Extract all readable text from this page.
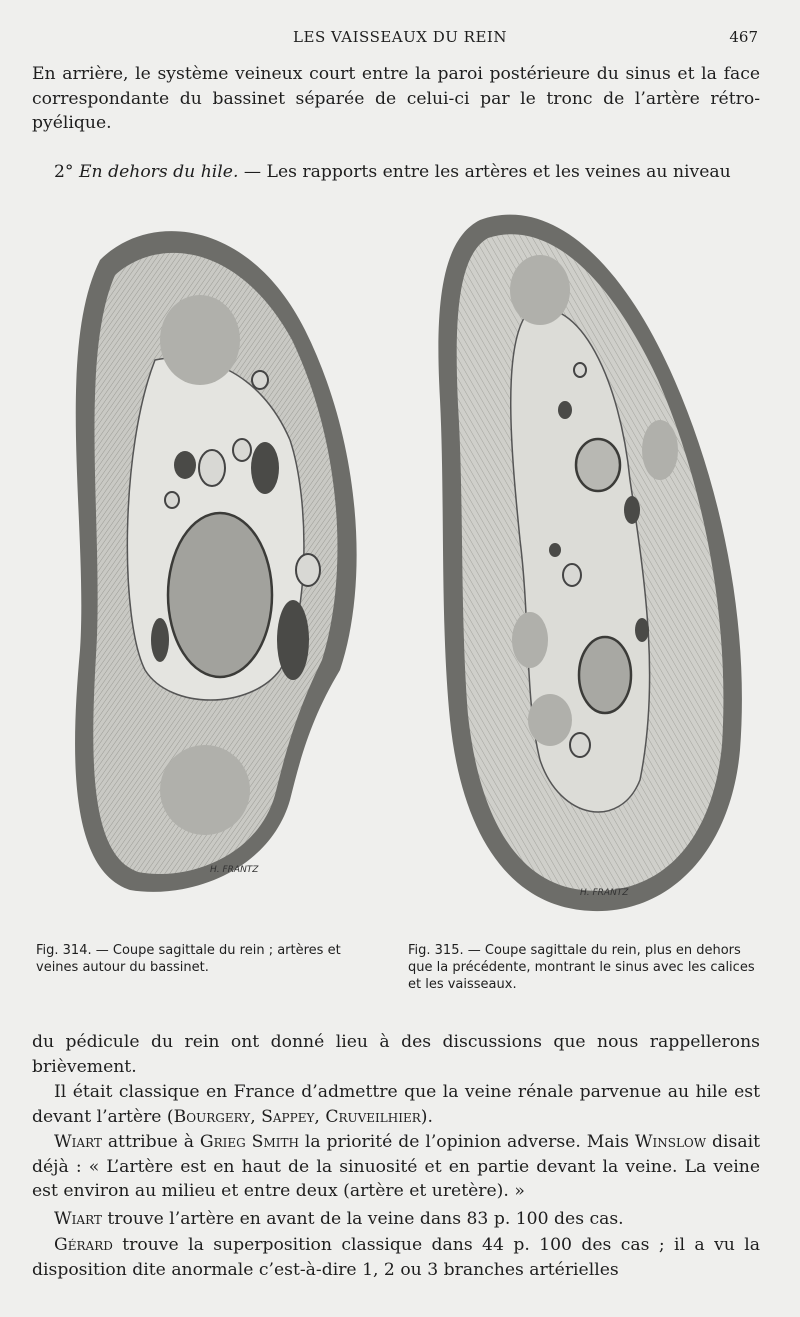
LES VAISSEAUX DU REIN	467

En arrière, le système veineux court entre la paroi postérieure du sinus et la face correspondante du bassinet séparée de celui-ci par le tronc de l’artère rétro-pyélique.

2° En dehors du hile. — Les rapports entre les artères et les veines au niveau

H. FRANTZ
H. FRANTZ
Fig. 314. — Coupe sagittale du rein ; artères et veines autour du bassinet.
Fig. 315. — Coupe sagittale du rein, plus en dehors que la précédente, montrant le sinus avec les calices et les vaisseaux.

du pédicule du rein ont donné lieu à des discussions que nous rappellerons brièvement.

Il était classique en France d’admettre que la veine rénale parvenue au hile est devant l’artère (Bourgery, Sappey, Cruveilhier).

Wiart attribue à Grieg Smith la priorité de l’opinion adverse. Mais Winslow disait déjà : « L’artère est en haut de la sinuosité et en partie devant la veine. La veine est environ au milieu et entre deux (artère et uretère). »

Wiart trouve l’artère en avant de la veine dans 83 p. 100 des cas.

Gérard trouve la superposition classique dans 44 p. 100 des cas ; il a vu la disposition dite anormale c’est-à-dire 1, 2 ou 3 branches artérielles
